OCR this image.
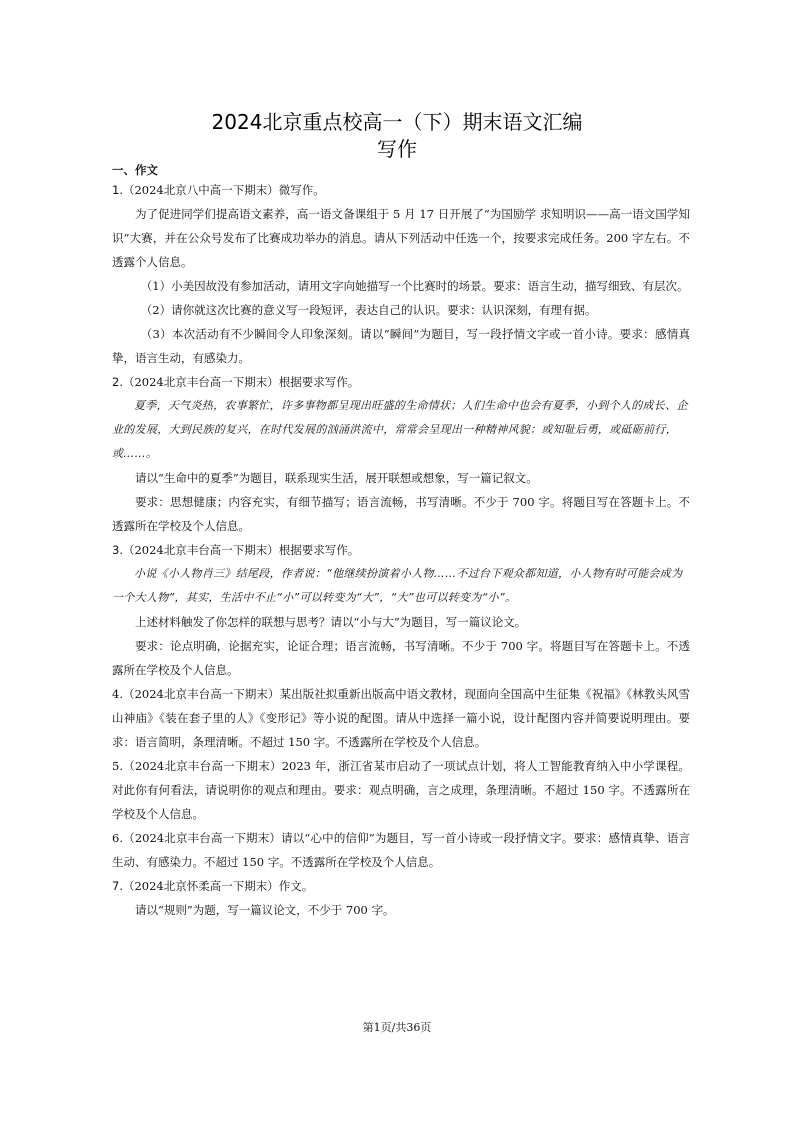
2024北京重点校高一（下）期末语文汇编
写作
一、作文

1.（2024北京八中高一下期末）微写作。

为了促进同学们提高语文素养，高一语文备课组于 5 月 17 日开展了“为国励学 求知明识——高一语文国学知识”大赛，并在公众号发布了比赛成功举办的消息。请从下列活动中任选一个，按要求完成任务。200 字左右。不透露个人信息。

（1）小美因故没有参加活动，请用文字向她描写一个比赛时的场景。要求：语言生动，描写细致、有层次。

（2）请你就这次比赛的意义写一段短评，表达自己的认识。要求：认识深刻，有理有据。

（3）本次活动有不少瞬间令人印象深刻。请以“瞬间”为题目，写一段抒情文字或一首小诗。要求：感情真挚，语言生动，有感染力。

2.（2024北京丰台高一下期末）根据要求写作。

夏季，天气炎热，农事繁忙，许多事物都呈现出旺盛的生命情状；人们生命中也会有夏季，小到个人的成长、企业的发展，大到民族的复兴，在时代发展的汹涌洪流中，常常会呈现出一种精神风貌：或知耻后勇，或砥砺前行，或……。

请以“生命中的夏季”为题目，联系现实生活，展开联想或想象，写一篇记叙文。

要求：思想健康；内容充实，有细节描写；语言流畅，书写清晰。不少于 700 字。将题目写在答题卡上。不透露所在学校及个人信息。

3.（2024北京丰台高一下期末）根据要求写作。

小说《小人物肖三》结尾段，作者说：“他继续扮演着小人物……不过台下观众都知道，小人物有时可能会成为一个大人物”，其实，生活中不止“小”可以转变为“大”，“大”也可以转变为“小”。

上述材料触发了你怎样的联想与思考？请以“小与大”为题目，写一篇议论文。

要求：论点明确，论据充实，论证合理；语言流畅，书写清晰。不少于 700 字。将题目写在答题卡上。不透露所在学校及个人信息。

4.（2024北京丰台高一下期末）某出版社拟重新出版高中语文教材，现面向全国高中生征集《祝福》《林教头风雪山神庙》《装在套子里的人》《变形记》等小说的配图。请从中选择一篇小说，设计配图内容并简要说明理由。要求：语言简明，条理清晰。不超过 150 字。不透露所在学校及个人信息。

5.（2024北京丰台高一下期末）2023 年，浙江省某市启动了一项试点计划，将人工智能教育纳入中小学课程。对此你有何看法，请说明你的观点和理由。要求：观点明确，言之成理，条理清晰。不超过 150 字。不透露所在学校及个人信息。

6.（2024北京丰台高一下期末）请以“心中的信仰”为题目，写一首小诗或一段抒情文字。要求：感情真挚、语言生动、有感染力。不超过 150 字。不透露所在学校及个人信息。

7.（2024北京怀柔高一下期末）作文。

请以“规则”为题，写一篇议论文，不少于 700 字。

第1页/共36页
